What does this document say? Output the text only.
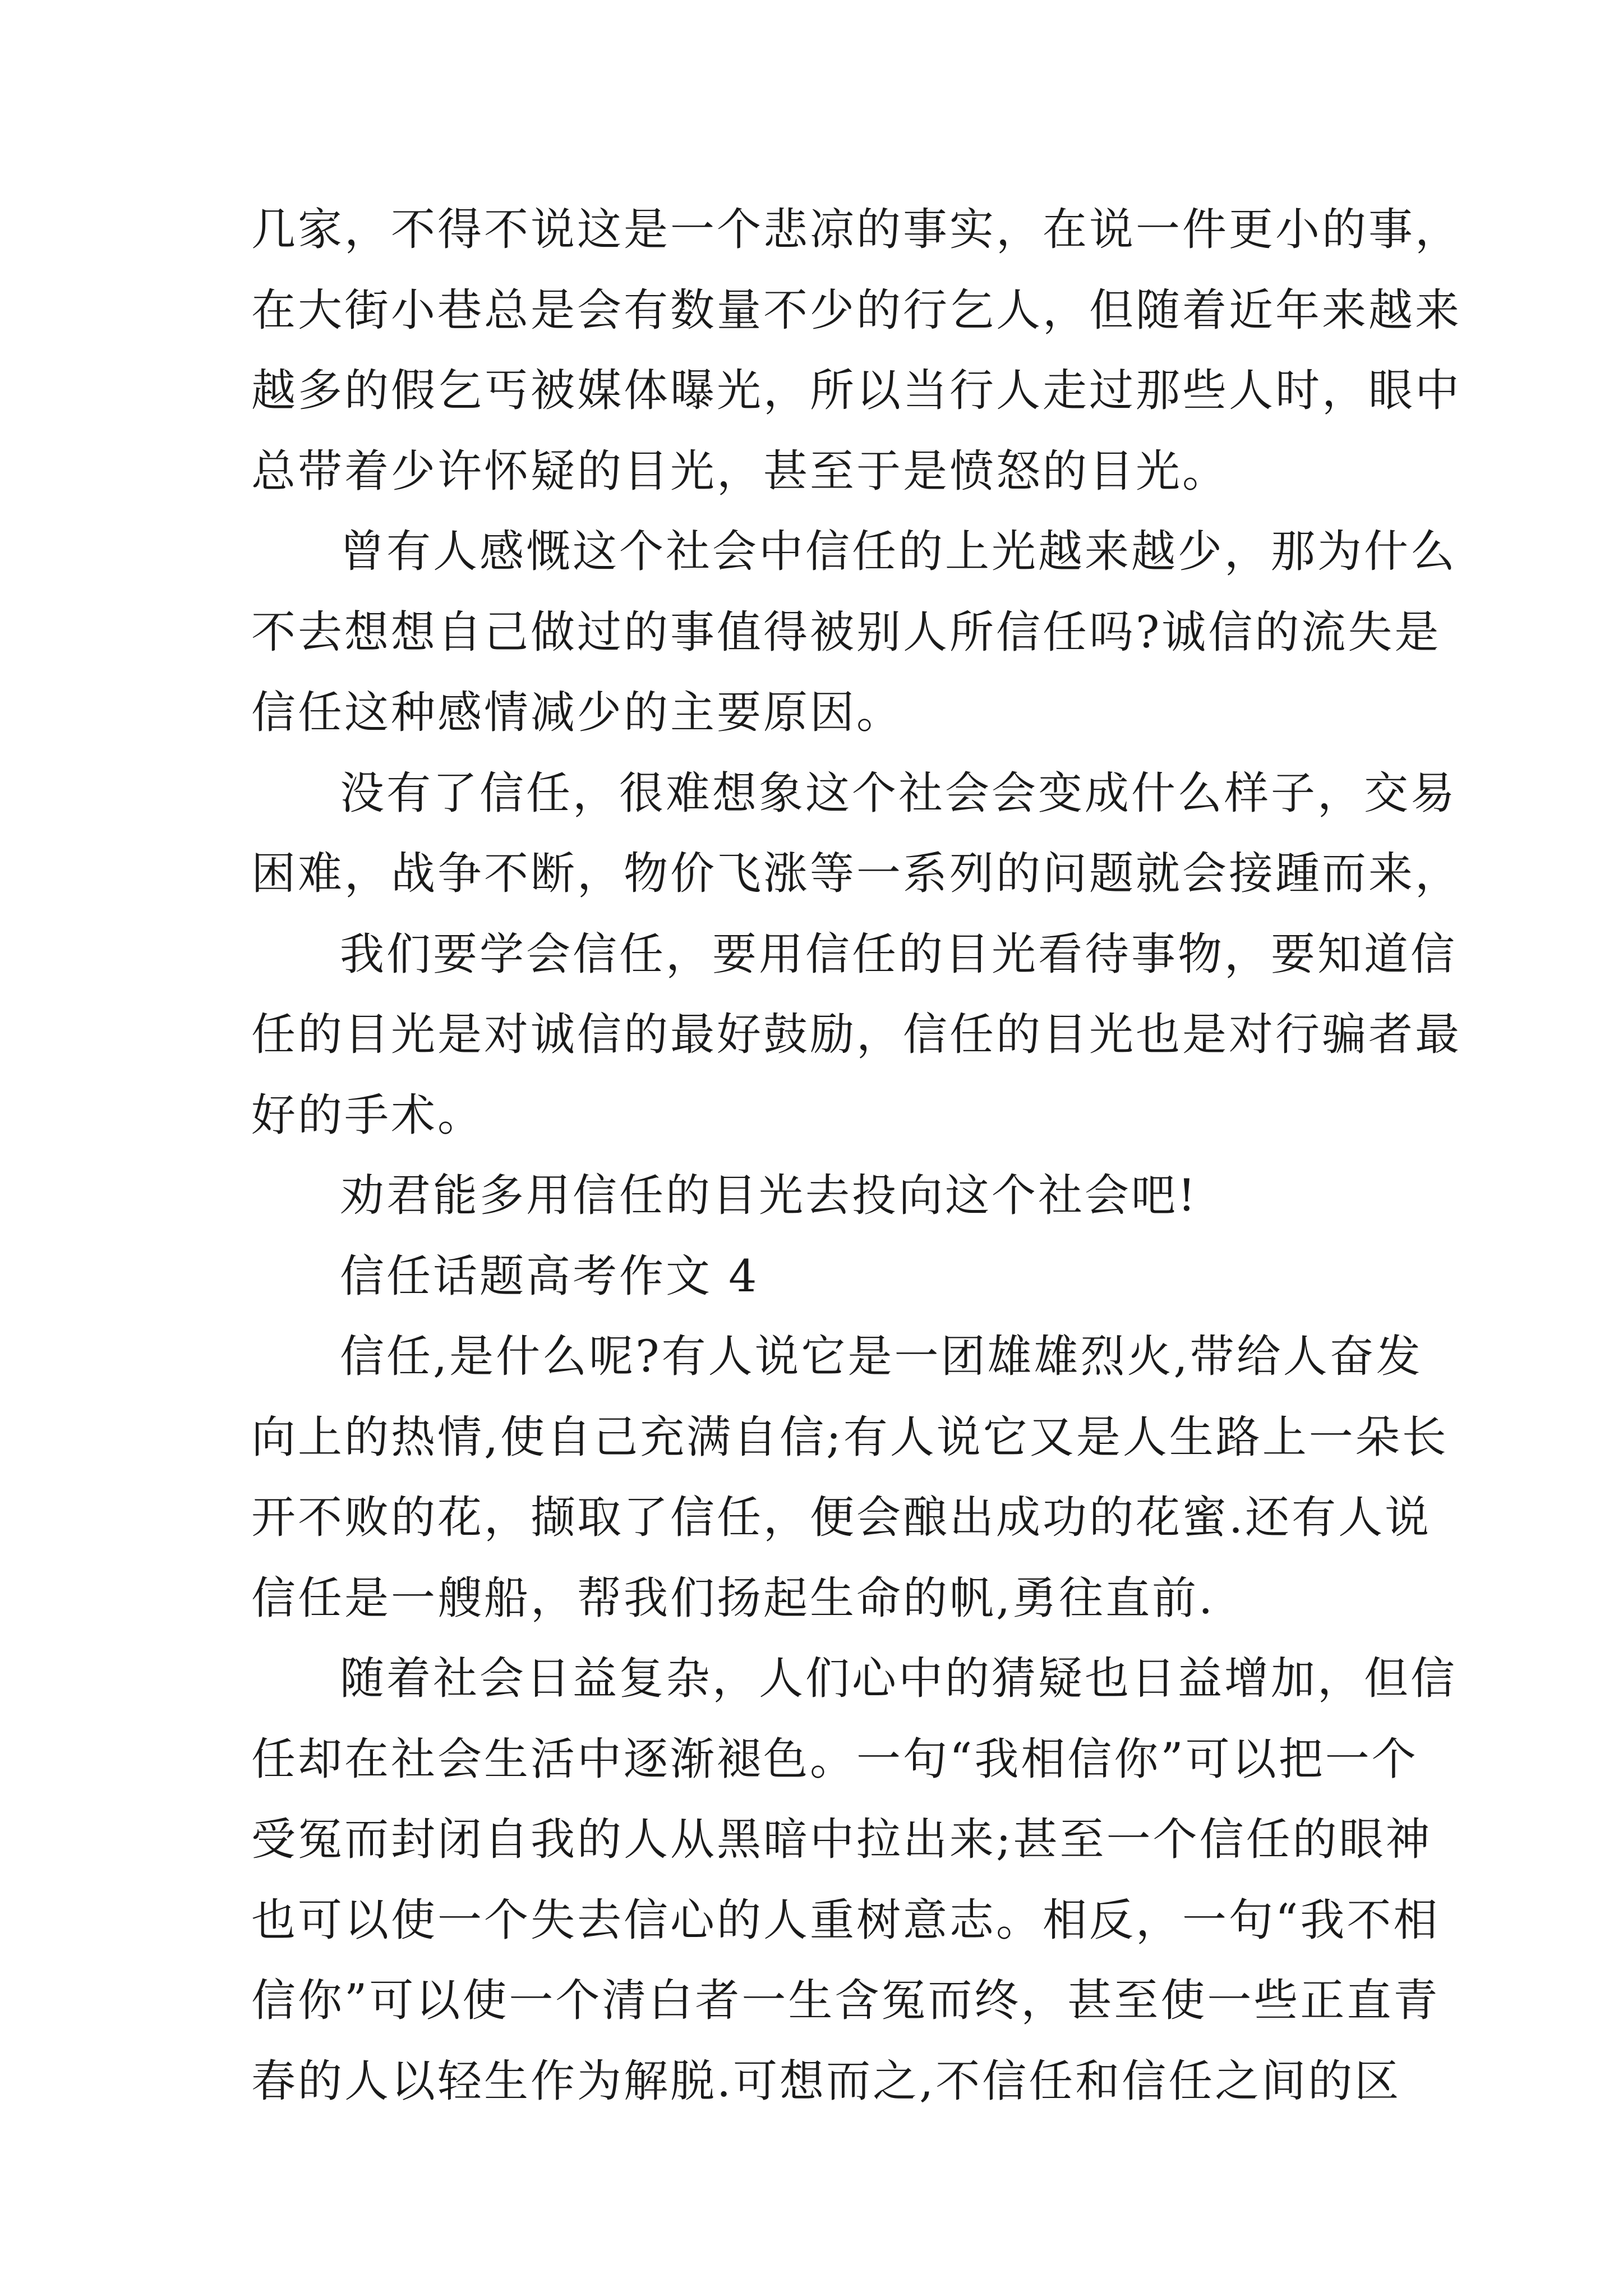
几家，不得不说这是一个悲凉的事实，在说一件更小的事，
在大街小巷总是会有数量不少的行乞人，但随着近年来越来
越多的假乞丐被媒体曝光，所以当行人走过那些人时，眼中
总带着少许怀疑的目光，甚至于是愤怒的目光。
曾有人感慨这个社会中信任的上光越来越少，那为什么
不去想想自己做过的事值得被别人所信任吗?诚信的流失是
信任这种感情减少的主要原因。
没有了信任，很难想象这个社会会变成什么样子，交易
困难，战争不断，物价飞涨等一系列的问题就会接踵而来，
我们要学会信任，要用信任的目光看待事物，要知道信
任的目光是对诚信的最好鼓励，信任的目光也是对行骗者最
好的手术。
劝君能多用信任的目光去投向这个社会吧!
信任话题高考作文 4
信任,是什么呢?有人说它是一团雄雄烈火,带给人奋发
向上的热情,使自己充满自信;有人说它又是人生路上一朵长
开不败的花，撷取了信任，便会酿出成功的花蜜.还有人说
信任是一艘船，帮我们扬起生命的帆,勇往直前.
随着社会日益复杂，人们心中的猜疑也日益增加，但信
任却在社会生活中逐渐褪色。一句“我相信你”可以把一个
受冤而封闭自我的人从黑暗中拉出来;甚至一个信任的眼神
也可以使一个失去信心的人重树意志。相反，一句“我不相
信你”可以使一个清白者一生含冤而终，甚至使一些正直青
春的人以轻生作为解脱.可想而之,不信任和信任之间的区
